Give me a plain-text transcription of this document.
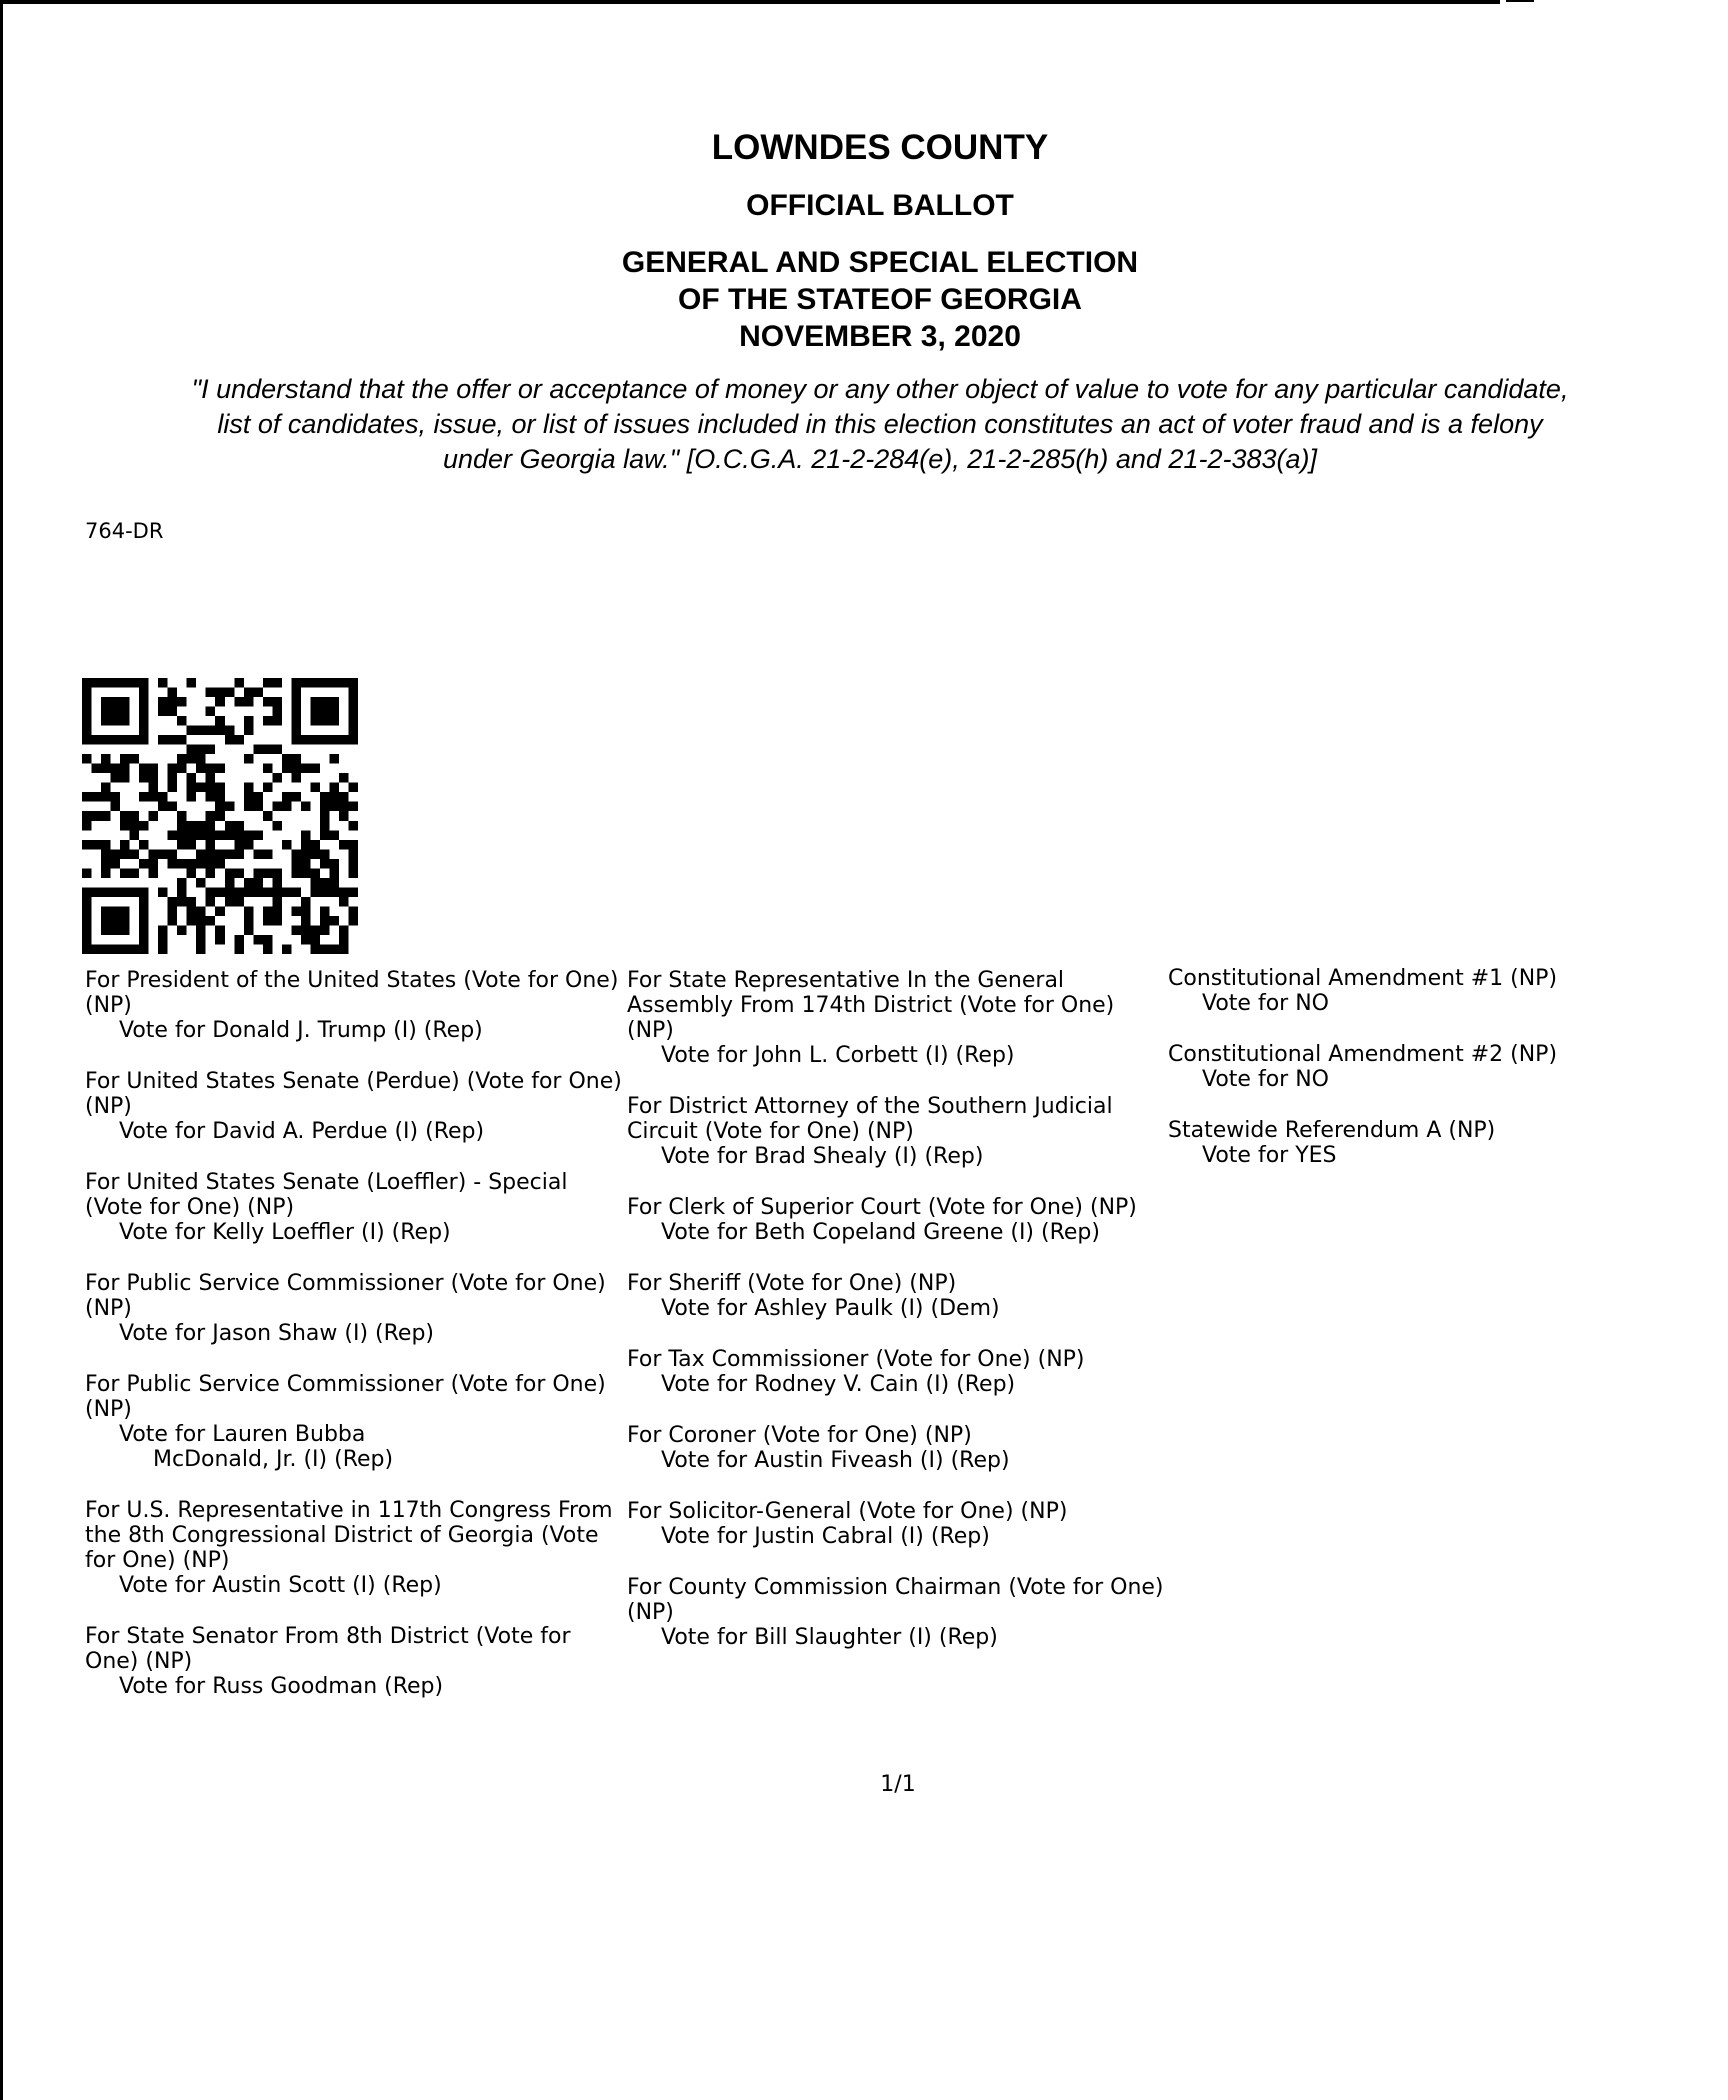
LOWNDES COUNTY
OFFICIAL BALLOT
GENERAL AND SPECIAL ELECTION
OF THE STATEOF GEORGIA
NOVEMBER 3, 2020
"I understand that the offer or acceptance of money or any other object of value to vote for any particular candidate,
list of candidates, issue, or list of issues included in this election constitutes an act of voter fraud and is a felony
under Georgia law." [O.C.G.A. 21-2-284(e), 21-2-285(h) and 21-2-383(a)]
764-DR
For President of the United States (Vote for One) (NP)
Vote for Donald J. Trump (I) (Rep)
For United States Senate (Perdue) (Vote for One) (NP)
Vote for David A. Perdue (I) (Rep)
For United States Senate (Loeffler) - Special (Vote for One) (NP)
Vote for Kelly Loeffler (I) (Rep)
For Public Service Commissioner (Vote for One) (NP)
Vote for Jason Shaw (I) (Rep)
For Public Service Commissioner (Vote for One) (NP)
Vote for Lauren Bubba McDonald, Jr. (I) (Rep)
For U.S. Representative in 117th Congress From the 8th Congressional District of Georgia (Vote for One) (NP)
Vote for Austin Scott (I) (Rep)
For State Senator From 8th District (Vote for One) (NP)
Vote for Russ Goodman (Rep)
For State Representative In the General Assembly From 174th District (Vote for One) (NP)
Vote for John L. Corbett (I) (Rep)
For District Attorney of the Southern Judicial Circuit (Vote for One) (NP)
Vote for Brad Shealy (I) (Rep)
For Clerk of Superior Court (Vote for One) (NP)
Vote for Beth Copeland Greene (I) (Rep)
For Sheriff (Vote for One) (NP)
Vote for Ashley Paulk (I) (Dem)
For Tax Commissioner (Vote for One) (NP)
Vote for Rodney V. Cain (I) (Rep)
For Coroner (Vote for One) (NP)
Vote for Austin Fiveash (I) (Rep)
For Solicitor-General (Vote for One) (NP)
Vote for Justin Cabral (I) (Rep)
For County Commission Chairman (Vote for One) (NP)
Vote for Bill Slaughter (I) (Rep)
Constitutional Amendment #1 (NP)
Vote for NO
Constitutional Amendment #2 (NP)
Vote for NO
Statewide Referendum A (NP)
Vote for YES
1/1
